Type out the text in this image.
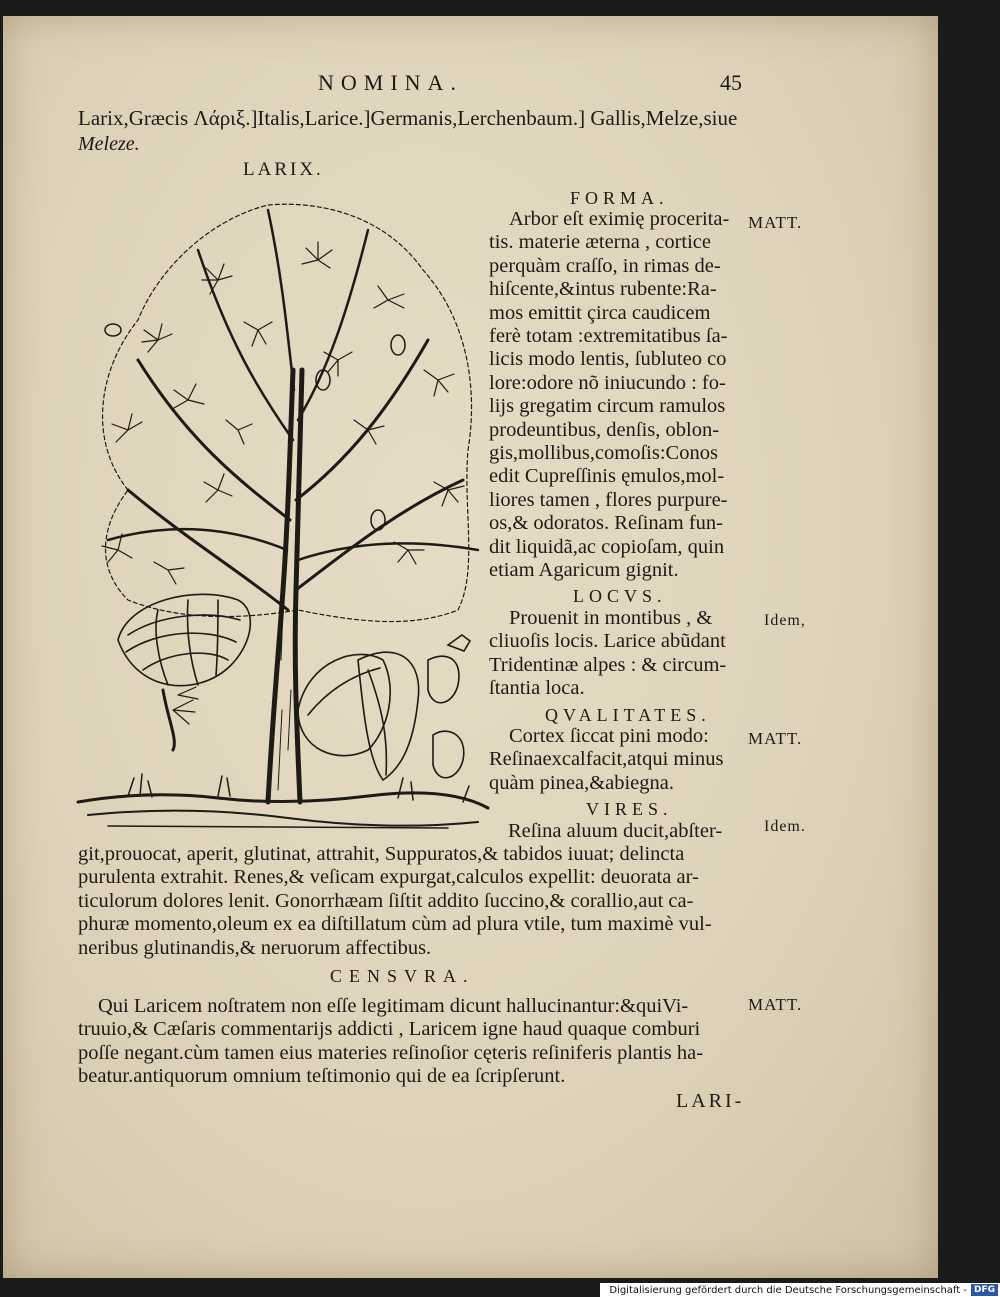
NOMINA.	45
Larix,Græcis Λάριξ.]Italis,Larice.]Germanis,Lerchenbaum.] Gallis,Melze,siue
Meleze.
LARIX.
FORMA.
LOCVS.
QVALITATES.
VIRES.
CENSVRA.
Arbor eſt eximię procerita-
tis. materie æterna , cortice
perquàm craſſo, in rimas de-
hiſcente,&intus rubente:Ra-
mos emittit çirca caudicem
ferè totam :extremitatibus ſa-
licis modo lentis, ſubluteo co
lore:odore nõ iniucundo : fo-
lijs gregatim circum ramulos
prodeuntibus, denſis, oblon-
gis,mollibus,comoſis:Conos
edit Cupreſſinis ęmulos,mol-
liores tamen , flores purpure-
os,& odoratos. Reſinam fun-
dit liquidã,ac copioſam, quin
etiam Agaricum gignit.
Prouenit in montibus , &
cliuoſis locis. Larice abũdant
Tridentinæ alpes : & circum-
ſtantia loca.
Cortex ſiccat pini modo:
Reſinaexcalfacit,atqui minus
quàm pinea,&abiegna.
Reſina aluum ducit,abſter-
git,prouocat, aperit, glutinat, attrahit, Suppuratos,& tabidos iuuat; delincta
purulenta extrahit. Renes,& veſicam expurgat,calculos expellit: deuorata ar-
ticulorum dolores lenit. Gonorrhæam ſiſtit addito ſuccino,& corallio,aut ca-
phuræ momento,oleum ex ea diſtillatum cùm ad plura vtile, tum maximè vul-
neribus glutinandis,& neruorum affectibus.
Qui Laricem noſtratem non eſſe legitimam dicunt hallucinantur:&quiVi-
truuio,& Cæſaris commentarijs addicti , Laricem igne haud quaque comburi
poſſe negant.cùm tamen eius materies reſinoſior cęteris reſiniferis plantis ha-
beatur.antiquorum omnium teſtimonio qui de ea ſcripſerunt.
MATT.
Idem,
MATT.
Idem.
MATT.
LARI-
Digitalisierung gefördert durch die Deutsche Forschungsgemeinschaft - DFG
